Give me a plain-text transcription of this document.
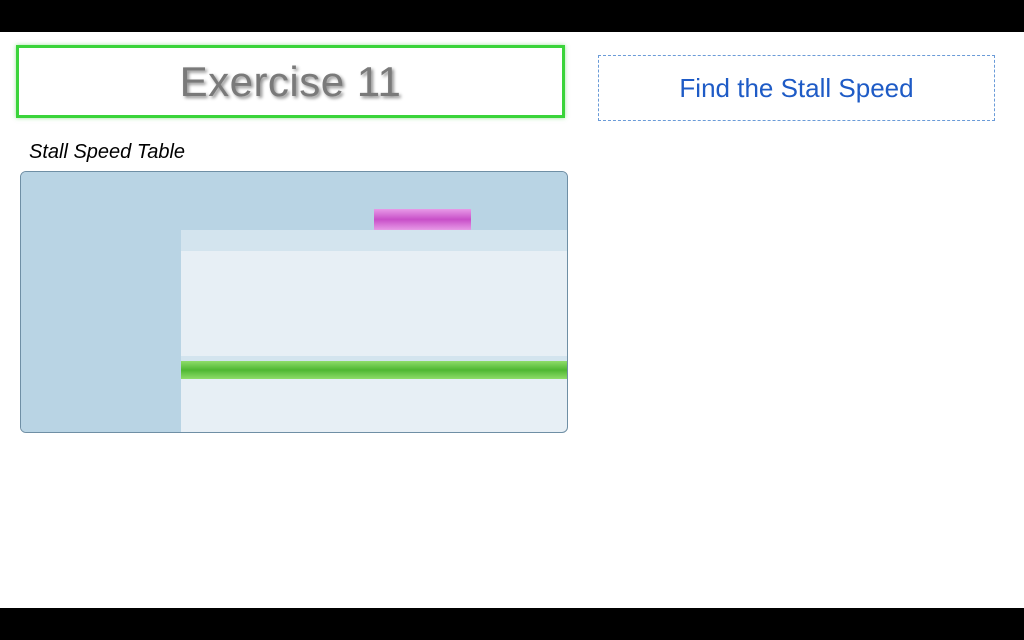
Exercise 11	Find the Stall Speed
Stall Speed Table
